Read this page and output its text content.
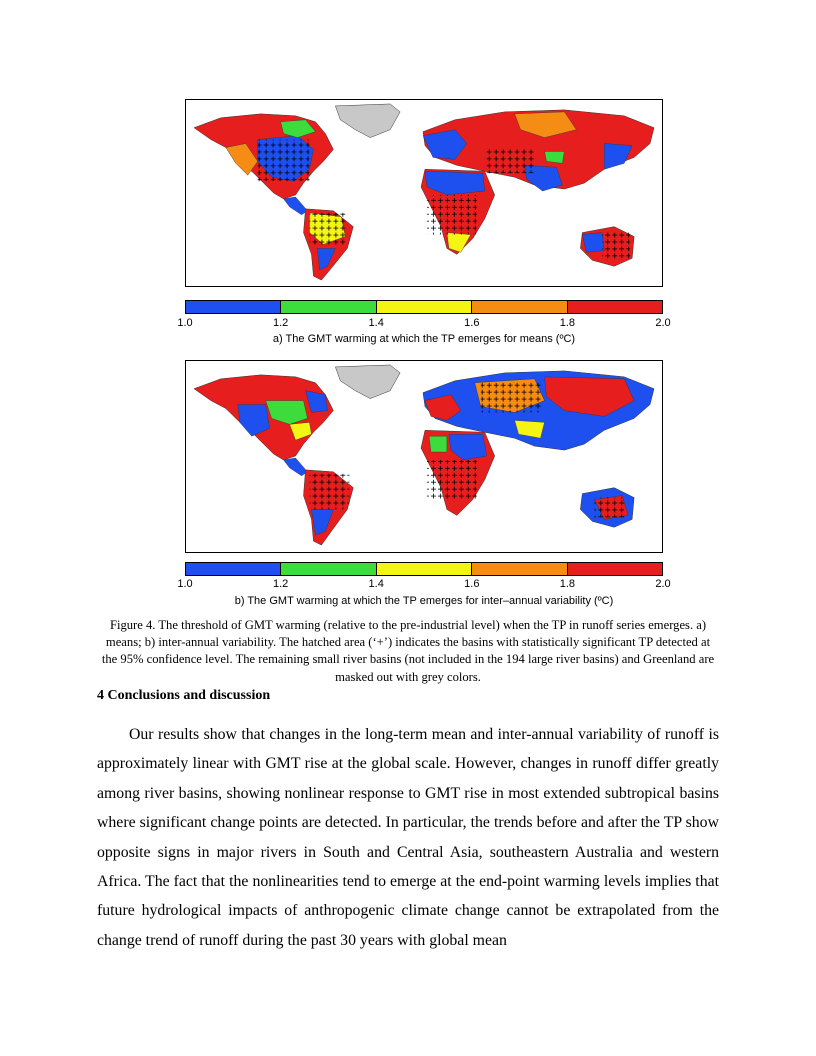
1.0	1.2	1.4	1.6	1.8	2.0
a) The GMT warming at which the TP emerges for means (ºC)
1.0	1.2	1.4	1.6	1.8	2.0
b) The GMT warming at which the TP emerges for inter–annual variability (ºC)
Figure 4. The threshold of GMT warming (relative to the pre-industrial level) when the TP in runoff series emerges. a) means; b) inter-annual variability. The hatched area (‘+’) indicates the basins with statistically significant TP detected at the 95% confidence level. The remaining small river basins (not included in the 194 large river basins) and Greenland are masked out with grey colors.
4 Conclusions and discussion

Our results show that changes in the long-term mean and inter-annual variability of runoff is approximately linear with GMT rise at the global scale. However, changes in runoff differ greatly among river basins, showing nonlinear response to GMT rise in most extended subtropical basins where significant change points are detected. In particular, the trends before and after the TP show opposite signs in major rivers in South and Central Asia, southeastern Australia and western Africa. The fact that the nonlinearities tend to emerge at the end-point warming levels implies that future hydrological impacts of anthropogenic climate change cannot be extrapolated from the change trend of runoff during the past 30 years with global mean
